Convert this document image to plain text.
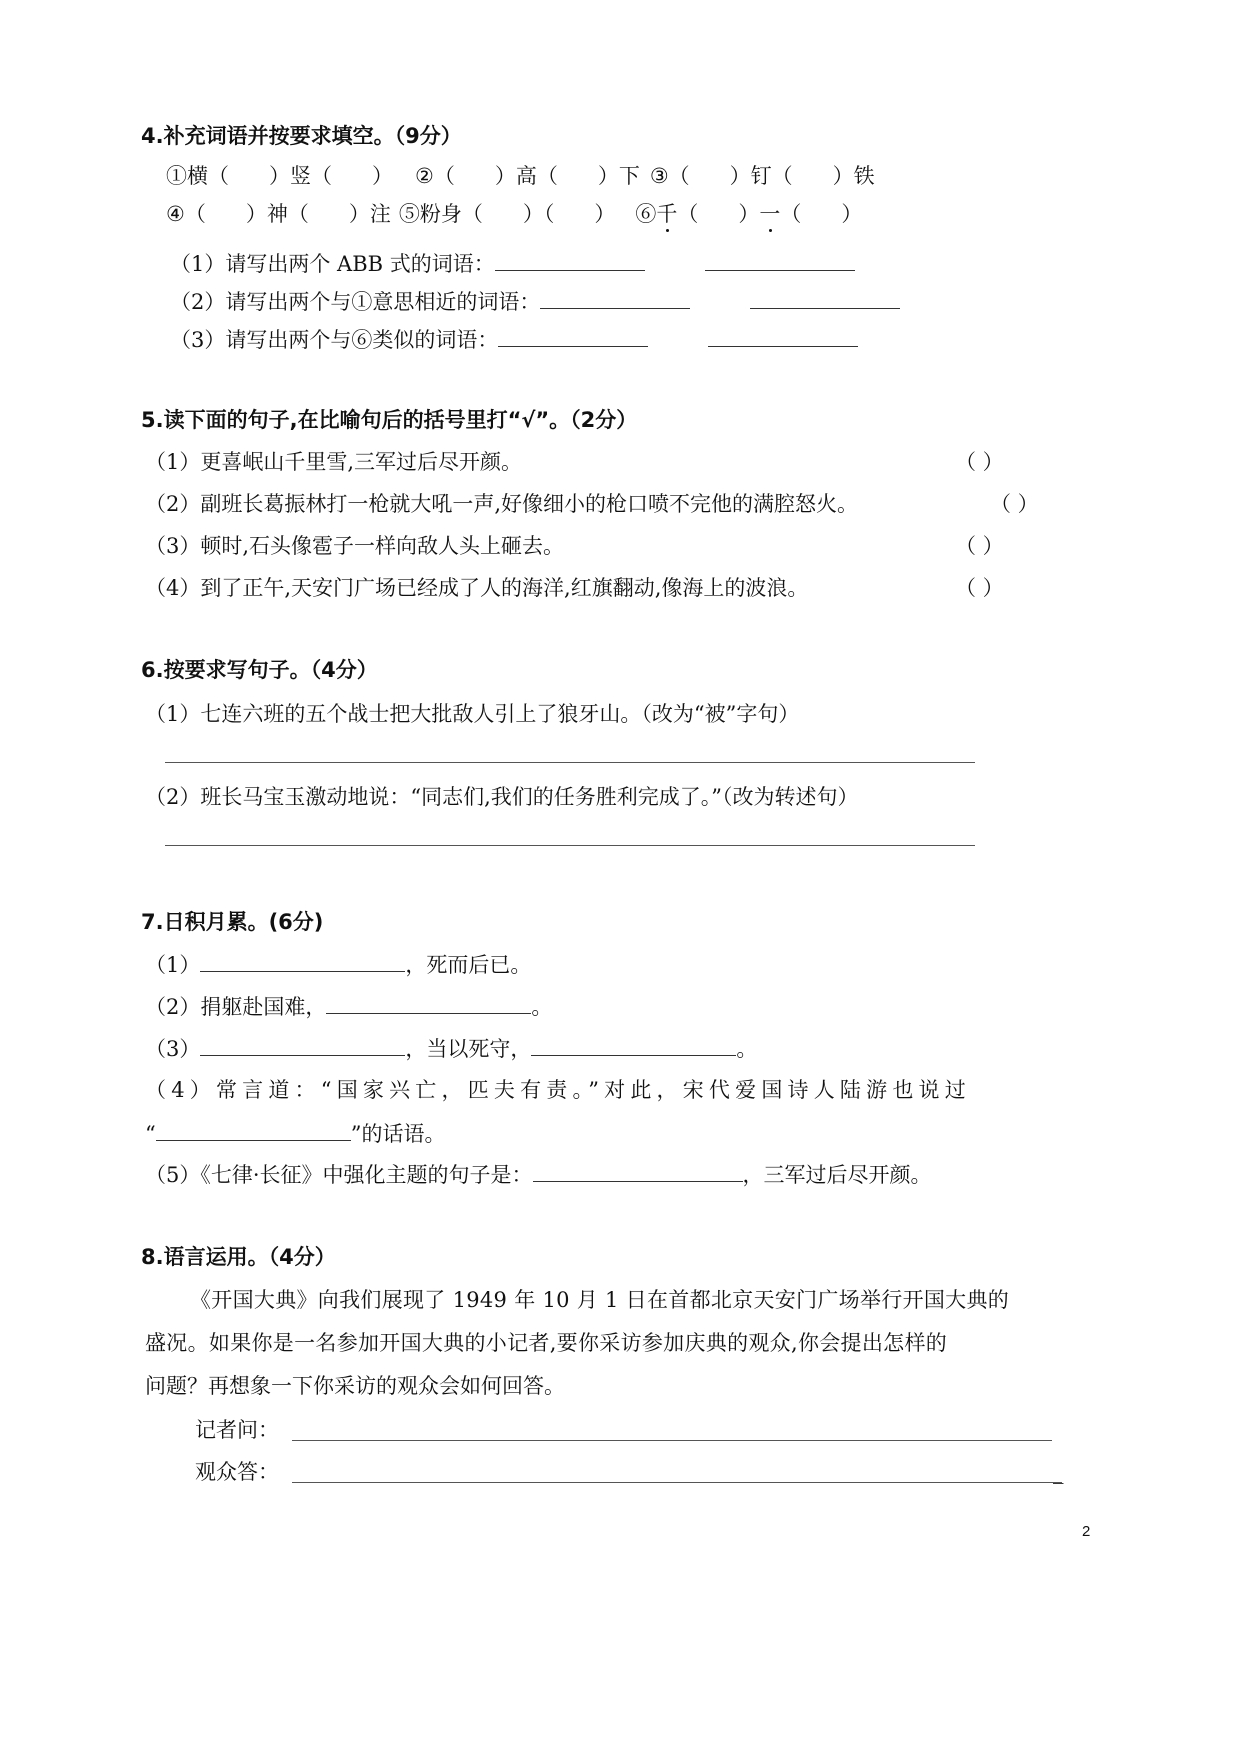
4.补充词语并按要求填空。（9分）
①横（ ）竖（ ） ②（ ）高（ ）下 ③（ ）钉（ ）铁
④（ ）神（ ）注 ⑤粉身（ ）（ ） ⑥千（ ）一（ ）
（1）请写出两个 ABB 式的词语：
（2）请写出两个与①意思相近的词语：
（3）请写出两个与⑥类似的词语：
5.读下面的句子,在比喻句后的括号里打“√”。（2分）
（1）更喜岷山千里雪,三军过后尽开颜。	（ ）
（2）副班长葛振林打一枪就大吼一声,好像细小的枪口喷不完他的满腔怒火。	（ ）
（3）顿时,石头像雹子一样向敌人头上砸去。	（ ）
（4）到了正午,天安门广场已经成了人的海洋,红旗翻动,像海上的波浪。	（ ）
6.按要求写句子。（4分）
（1）七连六班的五个战士把大批敌人引上了狼牙山。（改为“被”字句）
（2）班长马宝玉激动地说：“同志们,我们的任务胜利完成了。”（改为转述句）
7.日积月累。(6分)
（1）	，死而后已。
（2）捐躯赴国难，	。
（3）	，当以死守，	。
（4）常言道：“国家兴亡，匹夫有责。”对此，宋代爱国诗人陆游也说过
“	”的话语。
（5）《七律·长征》中强化主题的句子是：	，三军过后尽开颜。
8.语言运用。（4分）
《开国大典》向我们展现了 1949 年 10 月 1 日在首都北京天安门广场举行开国大典的
盛况。如果你是一名参加开国大典的小记者,要你采访参加庆典的观众,你会提出怎样的
问题？再想象一下你采访的观众会如何回答。
记者问：
观众答：	_
2
